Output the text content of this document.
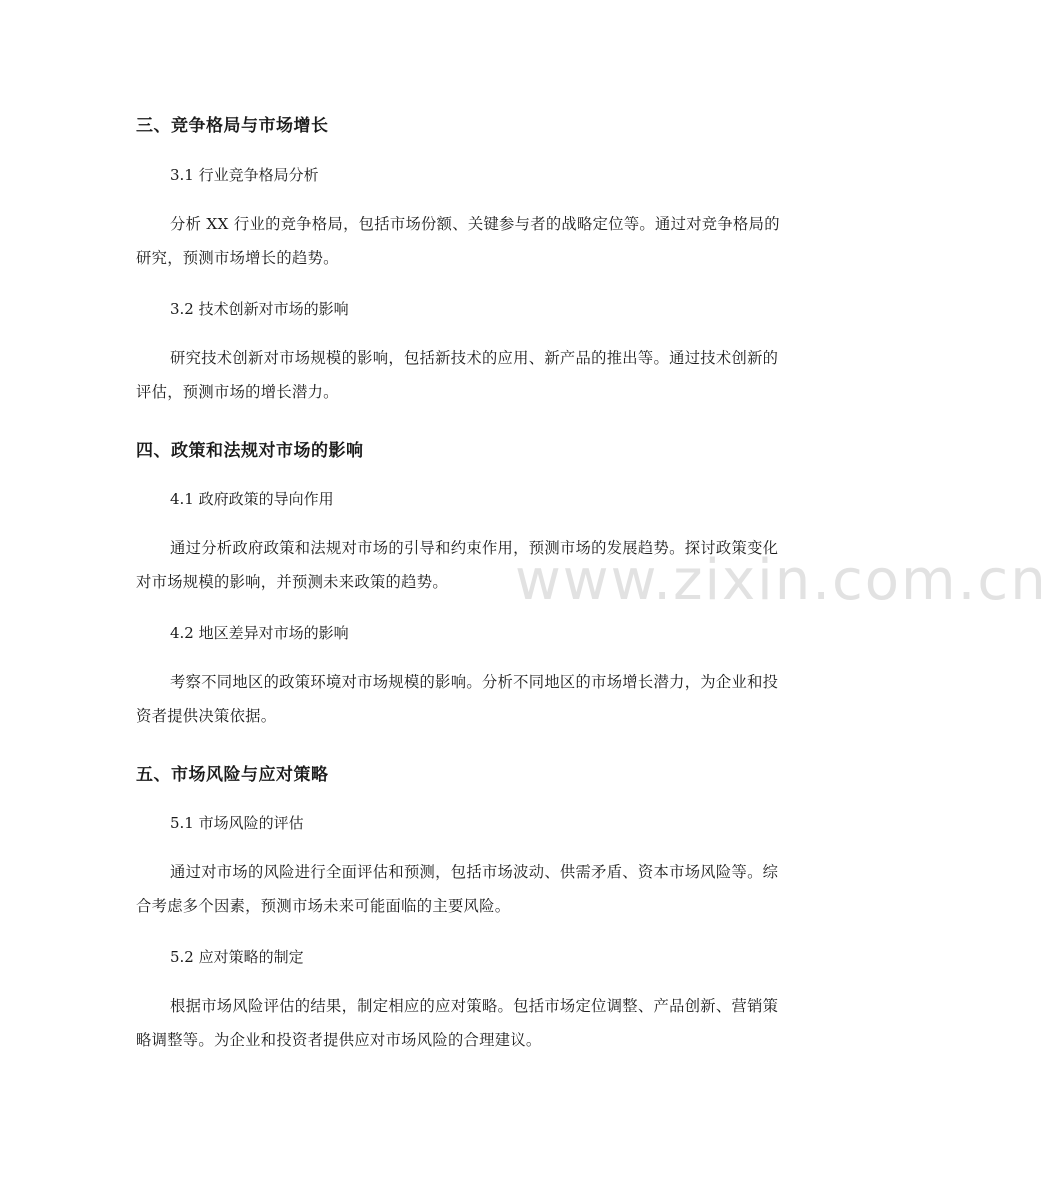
www.zixin.com.cn
三、竞争格局与市场增长
3.1 行业竞争格局分析
分析 XX 行业的竞争格局，包括市场份额、关键参与者的战略定位等。通过对竞争格局的研究，预测市场增长的趋势。
3.2 技术创新对市场的影响
研究技术创新对市场规模的影响，包括新技术的应用、新产品的推出等。通过技术创新的评估，预测市场的增长潜力。
四、政策和法规对市场的影响
4.1 政府政策的导向作用
通过分析政府政策和法规对市场的引导和约束作用，预测市场的发展趋势。探讨政策变化对市场规模的影响，并预测未来政策的趋势。
4.2 地区差异对市场的影响
考察不同地区的政策环境对市场规模的影响。分析不同地区的市场增长潜力，为企业和投资者提供决策依据。
五、市场风险与应对策略
5.1 市场风险的评估
通过对市场的风险进行全面评估和预测，包括市场波动、供需矛盾、资本市场风险等。综合考虑多个因素，预测市场未来可能面临的主要风险。
5.2 应对策略的制定
根据市场风险评估的结果，制定相应的应对策略。包括市场定位调整、产品创新、营销策略调整等。为企业和投资者提供应对市场风险的合理建议。
